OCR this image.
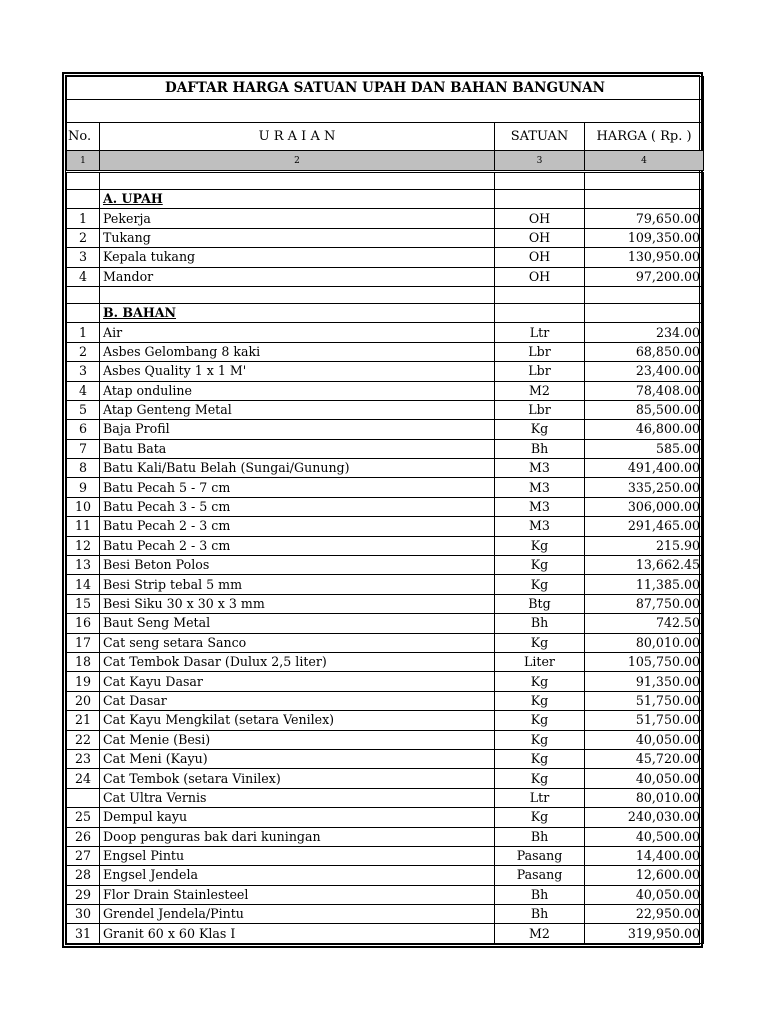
DAFTAR HARGA SATUAN UPAH DAN BAHAN BANGUNAN			

No.	U R A I A N	SATUAN	HARGA ( Rp. )
1	2	3	4

	A. UPAH		
1	Pekerja	OH	79,650.00
2	Tukang	OH	109,350.00
3	Kepala tukang	OH	130,950.00
4	Mandor	OH	97,200.00

	B. BAHAN		
1	Air	Ltr	234.00
2	Asbes Gelombang 8 kaki	Lbr	68,850.00
3	Asbes Quality 1 x 1 M'	Lbr	23,400.00
4	Atap onduline	M2	78,408.00
5	Atap Genteng Metal	Lbr	85,500.00
6	Baja Profil	Kg	46,800.00
7	Batu Bata	Bh	585.00
8	Batu Kali/Batu Belah (Sungai/Gunung)	M3	491,400.00
9	Batu Pecah 5 - 7 cm	M3	335,250.00
10	Batu Pecah 3 - 5 cm	M3	306,000.00
11	Batu Pecah 2 - 3 cm	M3	291,465.00
12	Batu Pecah 2 - 3 cm	Kg	215.90
13	Besi Beton Polos	Kg	13,662.45
14	Besi Strip tebal 5 mm	Kg	11,385.00
15	Besi Siku 30 x 30 x 3 mm	Btg	87,750.00
16	Baut Seng Metal	Bh	742.50
17	Cat seng setara Sanco	Kg	80,010.00
18	Cat Tembok Dasar (Dulux 2,5 liter)	Liter	105,750.00
19	Cat Kayu Dasar	Kg	91,350.00
20	Cat Dasar	Kg	51,750.00
21	Cat Kayu Mengkilat (setara Venilex)	Kg	51,750.00
22	Cat Menie (Besi)	Kg	40,050.00
23	Cat Meni (Kayu)	Kg	45,720.00
24	Cat Tembok (setara Vinilex)	Kg	40,050.00
	Cat Ultra Vernis	Ltr	80,010.00
25	Dempul kayu	Kg	240,030.00
26	Doop penguras bak dari kuningan	Bh	40,500.00
27	Engsel Pintu	Pasang	14,400.00
28	Engsel Jendela	Pasang	12,600.00
29	Flor Drain Stainlesteel	Bh	40,050.00
30	Grendel Jendela/Pintu	Bh	22,950.00
31	Granit 60 x 60 Klas I	M2	319,950.00
